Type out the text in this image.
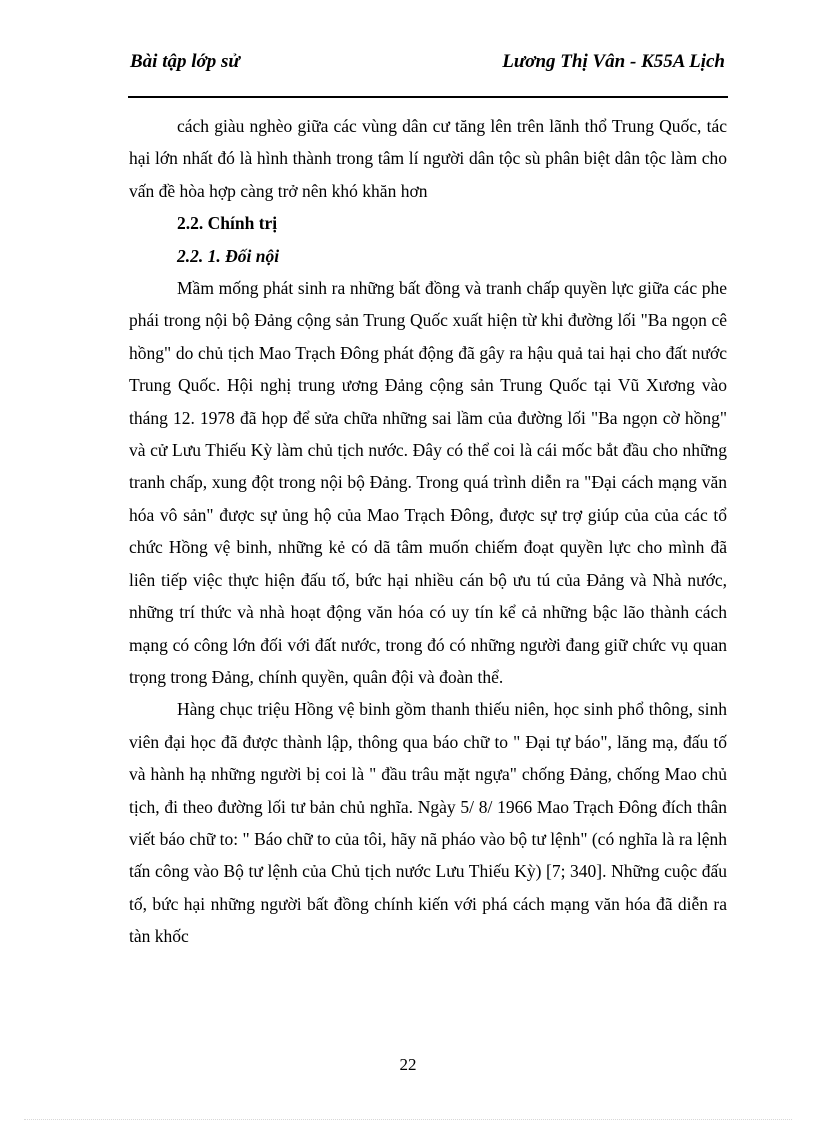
Bài tập lớp sử	Lương Thị Vân - K55A Lịch

cách giàu nghèo giữa các vùng dân cư tăng lên trên lãnh thổ Trung Quốc, tác hại lớn nhất đó là hình thành trong tâm lí người dân tộc sù phân biệt dân tộc làm cho vấn đề hòa hợp càng trở nên khó khăn hơn

2.2. Chính trị

2.2. 1. Đối nội

Mầm mống phát sinh ra những bất đồng và tranh chấp quyền lực giữa các phe phái trong nội bộ Đảng cộng sản Trung Quốc xuất hiện từ khi đường lối "Ba ngọn cê hồng" do chủ tịch Mao Trạch Đông phát động đã gây ra hậu quả tai hại cho đất nước Trung Quốc. Hội nghị trung ương Đảng cộng sản Trung Quốc tại Vũ Xương vào tháng 12. 1978 đã họp để sửa chữa những sai lầm của đường lối "Ba ngọn cờ hồng" và cử Lưu Thiếu Kỳ làm chủ tịch nước. Đây có thể coi là cái mốc bắt đầu cho những tranh chấp, xung đột trong nội bộ Đảng. Trong quá trình diễn ra "Đại cách mạng văn hóa vô sản" được sự ủng hộ của Mao Trạch Đông, được sự trợ giúp của của các tổ chức Hồng vệ binh, những kẻ có dã tâm muốn chiếm đoạt quyền lực cho mình đã liên tiếp việc thực hiện đấu tố, bức hại nhiều cán bộ ưu tú của Đảng và Nhà nước, những trí thức và nhà hoạt động văn hóa có uy tín kể cả những bậc lão thành cách mạng có công lớn đối với đất nước, trong đó có những người đang giữ chức vụ quan trọng trong Đảng, chính quyền, quân đội và đoàn thể.

Hàng chục triệu Hồng vệ binh gồm thanh thiếu niên, học sinh phổ thông, sinh viên đại học đã được thành lập, thông qua báo chữ to " Đại tự báo", lăng mạ, đấu tố và hành hạ những người bị coi là " đầu trâu mặt ngựa" chống Đảng, chống Mao chủ tịch, đi theo đường lối tư bản chủ nghĩa. Ngày 5/ 8/ 1966 Mao Trạch Đông đích thân viết báo chữ to: " Báo chữ to của tôi, hãy nã pháo vào bộ tư lệnh" (có nghĩa là ra lệnh tấn công vào Bộ tư lệnh của Chủ tịch nước Lưu Thiếu Kỳ) [7; 340]. Những cuộc đấu tố, bức hại những người bất đồng chính kiến với phá cách mạng văn hóa đã diễn ra tàn khốc

22
